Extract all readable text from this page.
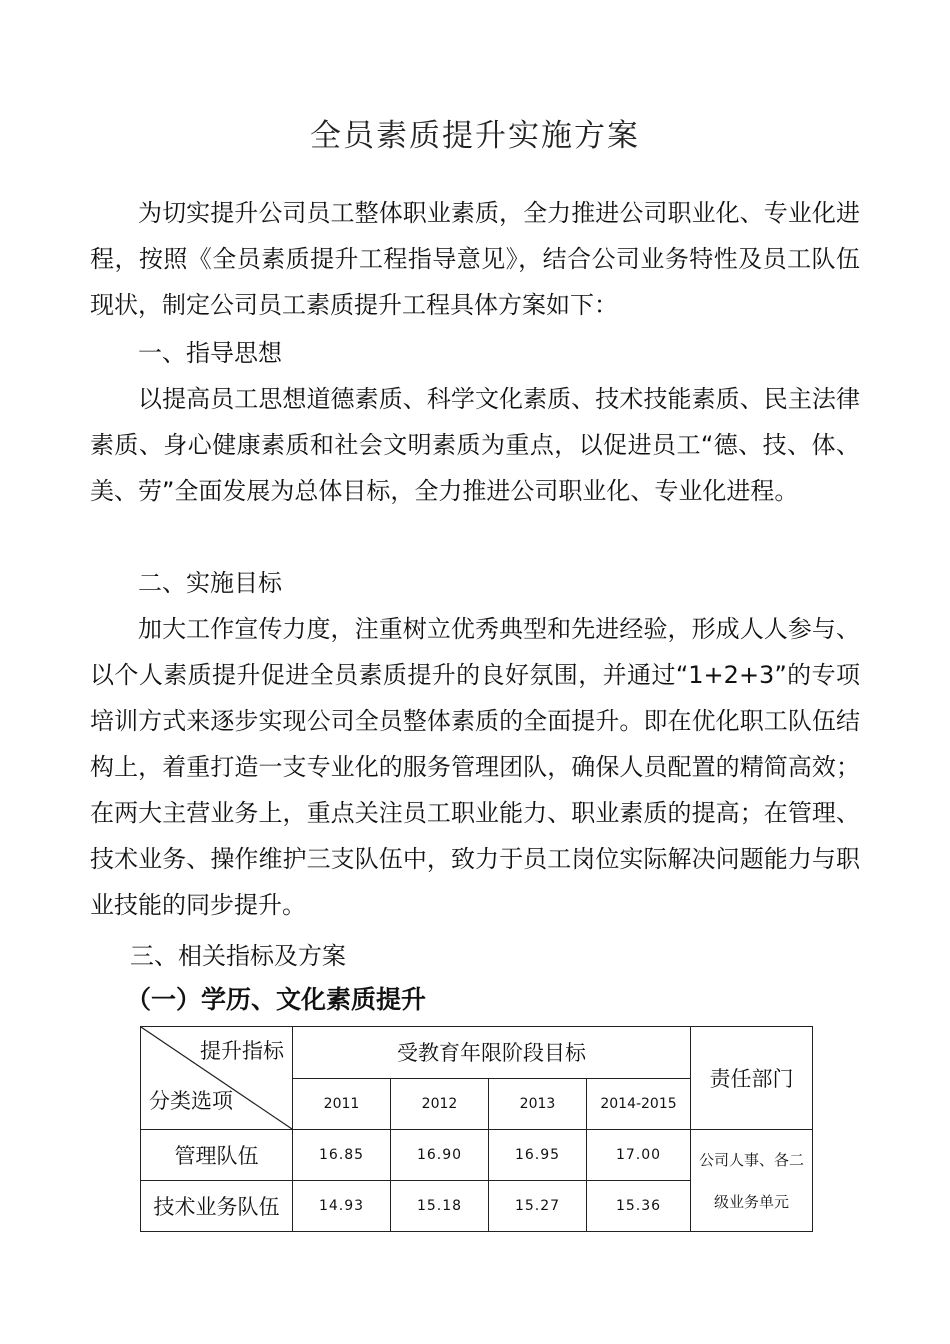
全员素质提升实施方案

为切实提升公司员工整体职业素质，全力推进公司职业化、专业化进程，按照《全员素质提升工程指导意见》，结合公司业务特性及员工队伍现状，制定公司员工素质提升工程具体方案如下：

一、指导思想

以提高员工思想道德素质、科学文化素质、技术技能素质、民主法律素质、身心健康素质和社会文明素质为重点，以促进员工“德、技、体、美、劳”全面发展为总体目标，全力推进公司职业化、专业化进程。

二、实施目标

加大工作宣传力度，注重树立优秀典型和先进经验，形成人人参与、以个人素质提升促进全员素质提升的良好氛围，并通过“1+2+3”的专项培训方式来逐步实现公司全员整体素质的全面提升。即在优化职工队伍结构上，着重打造一支专业化的服务管理团队，确保人员配置的精简高效；在两大主营业务上，重点关注员工职业能力、职业素质的提高；在管理、技术业务、操作维护三支队伍中，致力于员工岗位实际解决问题能力与职业技能的同步提升。

三、相关指标及方案
（一）学历、文化素质提升
提升指标
分类选项	受教育年限阶段目标				责任部门
	2011	2012	2013	2014-2015	
管理队伍	16.85	16.90	16.95	17.00	公司人事、各二
级业务单元

技术业务队伍	14.93	15.18	15.27	15.36	
